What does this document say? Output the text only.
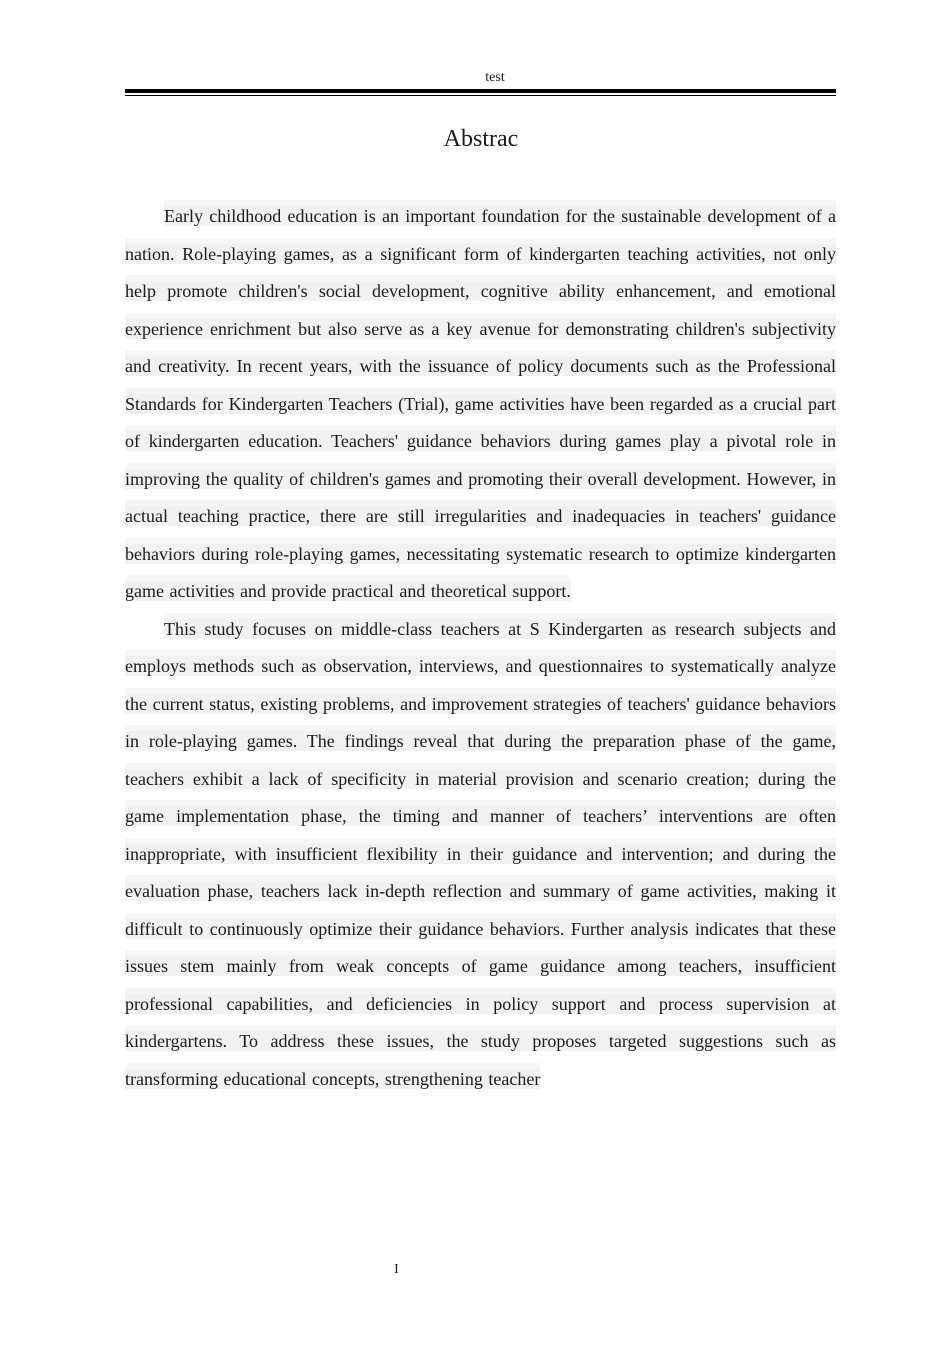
test
Abstrac

Early childhood education is an important foundation for the sustainable development of a nation. Role-playing games, as a significant form of kindergarten teaching activities, not only help promote children's social development, cognitive ability enhancement, and emotional experience enrichment but also serve as a key avenue for demonstrating children's subjectivity and creativity. In recent years, with the issuance of policy documents such as the Professional Standards for Kindergarten Teachers (Trial), game activities have been regarded as a crucial part of kindergarten education. Teachers' guidance behaviors during games play a pivotal role in improving the quality of children's games and promoting their overall development. However, in actual teaching practice, there are still irregularities and inadequacies in teachers' guidance behaviors during role-playing games, necessitating systematic research to optimize kindergarten game activities and provide practical and theoretical support.

This study focuses on middle-class teachers at S Kindergarten as research subjects and employs methods such as observation, interviews, and questionnaires to systematically analyze the current status, existing problems, and improvement strategies of teachers' guidance behaviors in role-playing games. The findings reveal that during the preparation phase of the game, teachers exhibit a lack of specificity in material provision and scenario creation; during the game implementation phase, the timing and manner of teachers’ interventions are often inappropriate, with insufficient flexibility in their guidance and intervention; and during the evaluation phase, teachers lack in-depth reflection and summary of game activities, making it difficult to continuously optimize their guidance behaviors. Further analysis indicates that these issues stem mainly from weak concepts of game guidance among teachers, insufficient professional capabilities, and deficiencies in policy support and process supervision at kindergartens. To address these issues, the study proposes targeted suggestions such as transforming educational concepts, strengthening teacher

I
